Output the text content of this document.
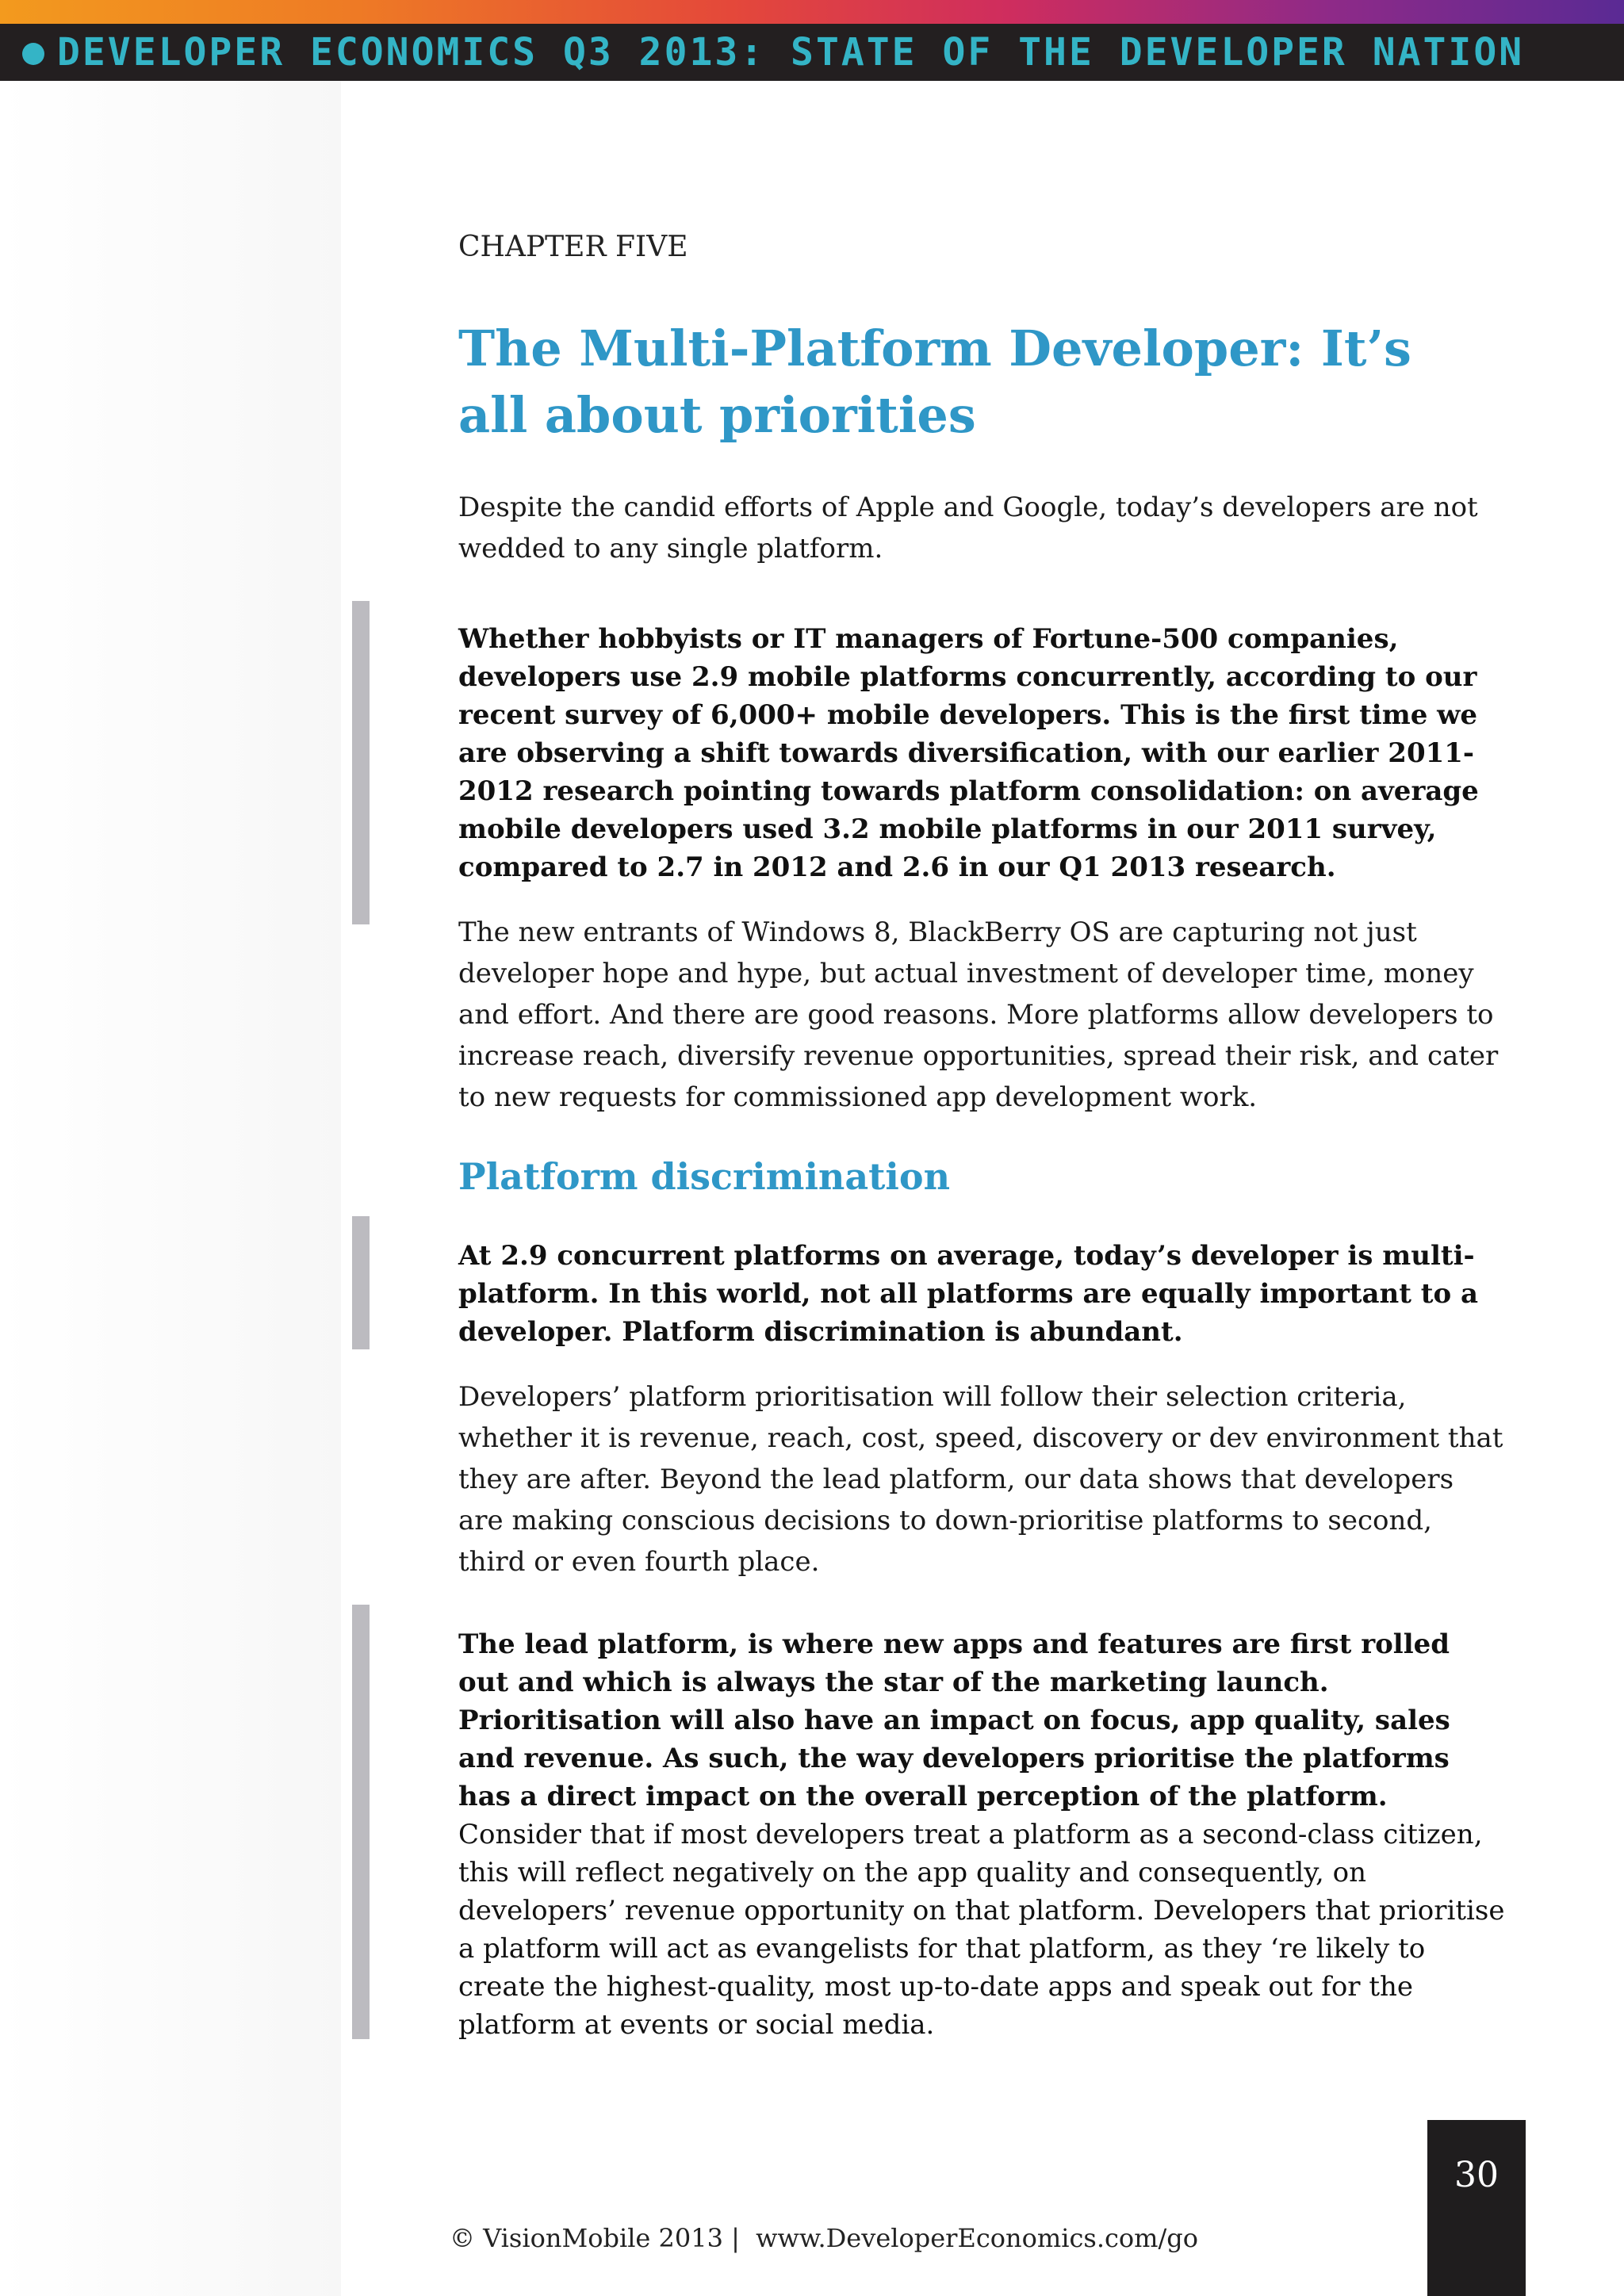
DEVELOPER ECONOMICS Q3 2013: STATE OF THE DEVELOPER NATION
CHAPTER FIVE
The Multi-Platform Developer: It’s
all about priorities

Despite the candid efforts of Apple and Google, today’s developers are not wedded to any single platform.

Whether hobbyists or IT managers of Fortune-500 companies, developers use 2.9 mobile platforms concurrently, according to our recent survey of 6,000+ mobile developers. This is the first time we are observing a shift towards diversification, with our earlier 2011-2012 research pointing towards platform consolidation: on average mobile developers used 3.2 mobile platforms in our 2011 survey, compared to 2.7 in 2012 and 2.6 in our Q1 2013 research.

The new entrants of Windows 8, BlackBerry OS are capturing not just developer hope and hype, but actual investment of developer time, money and effort. And there are good reasons. More platforms allow developers to increase reach, diversify revenue opportunities, spread their risk, and cater to new requests for commissioned app development work.

Platform discrimination
At 2.9 concurrent platforms on average, today’s developer is multi-platform. In this world, not all platforms are equally important to a developer. Platform discrimination is abundant.

Developers’ platform prioritisation will follow their selection criteria, whether it is revenue, reach, cost, speed, discovery or dev environment that they are after. Beyond the lead platform, our data shows that developers are making conscious decisions to down-prioritise platforms to second, third or even fourth place.

The lead platform, is where new apps and features are first rolled out and which is always the star of the marketing launch. Prioritisation will also have an impact on focus, app quality, sales and revenue. As such, the way developers prioritise the platforms has a direct impact on the overall perception of the platform. Consider that if most developers treat a platform as a second-class citizen, this will reflect negatively on the app quality and consequently, on developers’ revenue opportunity on that platform. Developers that prioritise a platform will act as evangelists for that platform, as they ‘re likely to create the highest-quality, most up-to-date apps and speak out for the platform at events or social media.
30
© VisionMobile 2013 | www.DeveloperEconomics.com/go
